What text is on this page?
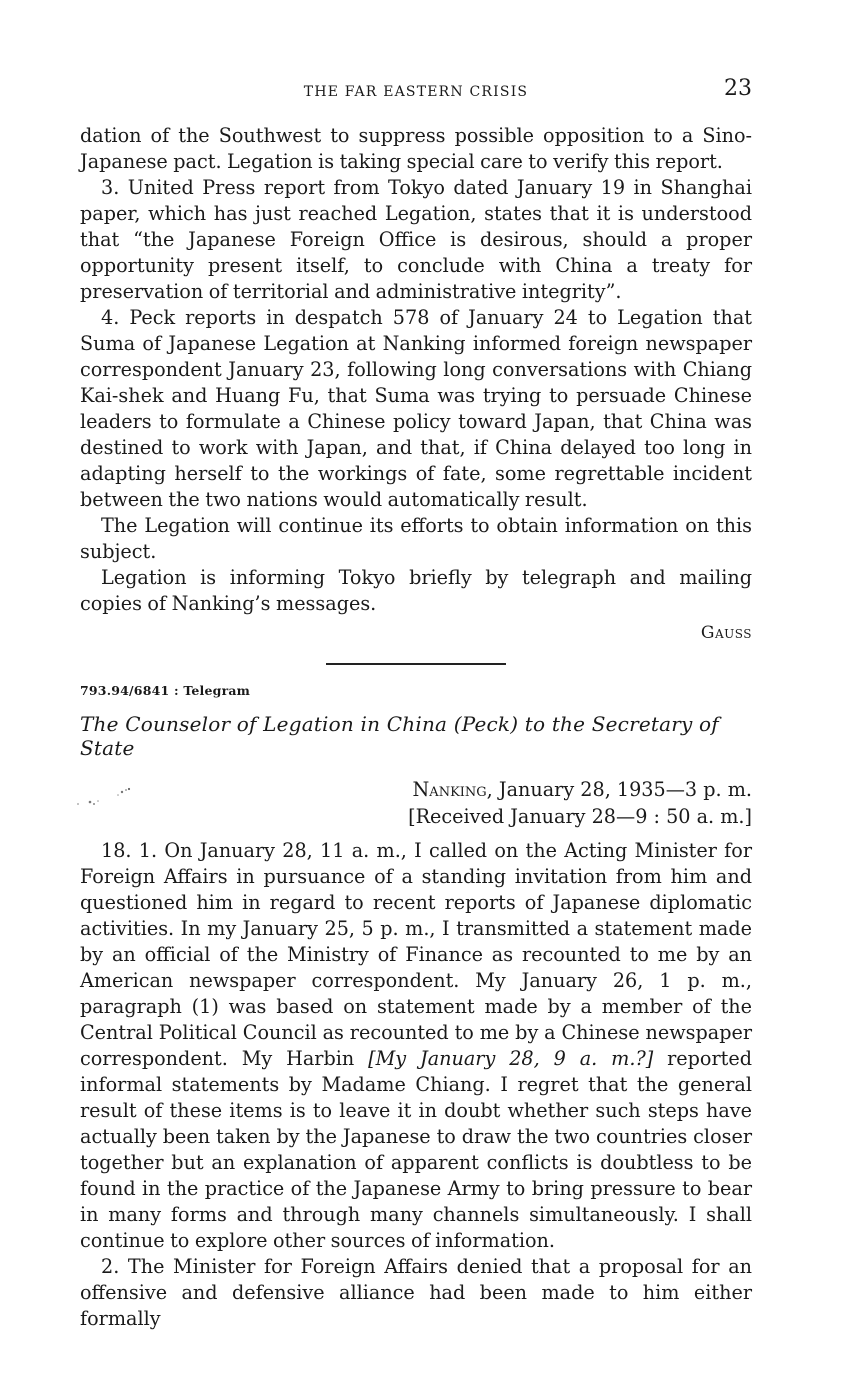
THE FAR EASTERN CRISIS	23

dation of the Southwest to suppress possible opposition to a Sino-Japanese pact. Legation is taking special care to verify this report.

3. United Press report from Tokyo dated January 19 in Shanghai paper, which has just reached Legation, states that it is understood that “the Japanese Foreign Office is desirous, should a proper opportunity present itself, to conclude with China a treaty for preservation of territorial and administrative integrity”.

4. Peck reports in despatch 578 of January 24 to Legation that Suma of Japanese Legation at Nanking informed foreign newspaper correspondent January 23, following long conversations with Chiang Kai-shek and Huang Fu, that Suma was trying to persuade Chinese leaders to formulate a Chinese policy toward Japan, that China was destined to work with Japan, and that, if China delayed too long in adapting herself to the workings of fate, some regrettable incident between the two nations would automatically result.

The Legation will continue its efforts to obtain information on this subject.

Legation is informing Tokyo briefly by telegraph and mailing copies of Nanking’s messages.

Gauss
793.94/6841 : Telegram
The Counselor of Legation in China (Peck) to the Secretary of State
Nanking, January 28, 1935—3 p. m.
[Received January 28—9 : 50 a. m.]

18. 1. On January 28, 11 a. m., I called on the Acting Minister for Foreign Affairs in pursuance of a standing invitation from him and questioned him in regard to recent reports of Japanese diplomatic activities. In my January 25, 5 p. m., I transmitted a statement made by an official of the Ministry of Finance as recounted to me by an American newspaper correspondent. My January 26, 1 p. m., paragraph (1) was based on statement made by a member of the Central Political Council as recounted to me by a Chinese newspaper correspondent. My Harbin [My January 28, 9 a. m.?] reported informal statements by Madame Chiang. I regret that the general result of these items is to leave it in doubt whether such steps have actually been taken by the Japanese to draw the two countries closer together but an explanation of apparent conflicts is doubtless to be found in the practice of the Japanese Army to bring pressure to bear in many forms and through many channels simultaneously. I shall continue to explore other sources of information.

2. The Minister for Foreign Affairs denied that a proposal for an offensive and defensive alliance had been made to him either formally
